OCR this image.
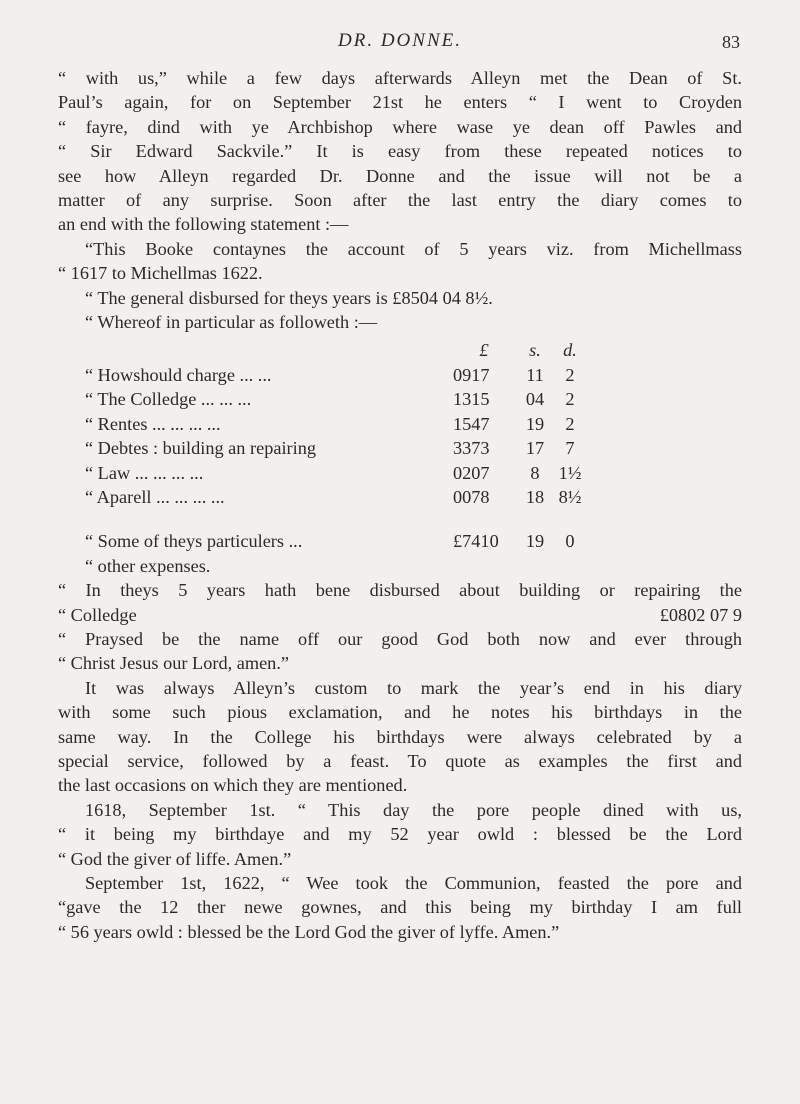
DR. DONNE.	83
“ with us,” while a few days afterwards Alleyn met the Dean of St.
Paul’s again, for on September 21st he enters “ I went to Croyden
“ fayre, dind with ye Archbishop where wase ye dean off Pawles and
“ Sir Edward Sackvile.” It is easy from these repeated notices to
see how Alleyn regarded Dr. Donne and the issue will not be a
matter of any surprise. Soon after the last entry the diary comes to
an end with the following statement :—
“This Booke contaynes the account of 5 years viz. from Michellmass
“ 1617 to Michellmas 1622.
“ The general disbursed for theys years is £8504 04 8½.
“ Whereof in particular as followeth :—
	£	s.	d.
“ Howshould charge ... ...	0917	11	2
“ The Colledge ... ... ...	1315	04	2
“ Rentes ... ... ... ...	1547	19	2
“ Debtes : building an repairing	3373	17	7
“ Law ... ... ... ...	0207	8	1½
“ Aparell ... ... ... ...	0078	18	8½

“ Some of theys particulers ...	£7410	19	0
“ other expenses.			
“ In theys 5 years hath bene disbursed about building or repairing the
“ Colledge	£0802 07 9
“ Praysed be the name off our good God both now and ever through
“ Christ Jesus our Lord, amen.”
It was always Alleyn’s custom to mark the year’s end in his diary
with some such pious exclamation, and he notes his birthdays in the
same way. In the College his birthdays were always celebrated by a
special service, followed by a feast. To quote as examples the first and
the last occasions on which they are mentioned.
1618, September 1st. “ This day the pore people dined with us,
“ it being my birthdaye and my 52 year owld : blessed be the Lord
“ God the giver of liffe. Amen.”
September 1st, 1622, “ Wee took the Communion, feasted the pore and
“gave the 12 ther newe gownes, and this being my birthday I am full
“ 56 years owld : blessed be the Lord God the giver of lyffe. Amen.”
